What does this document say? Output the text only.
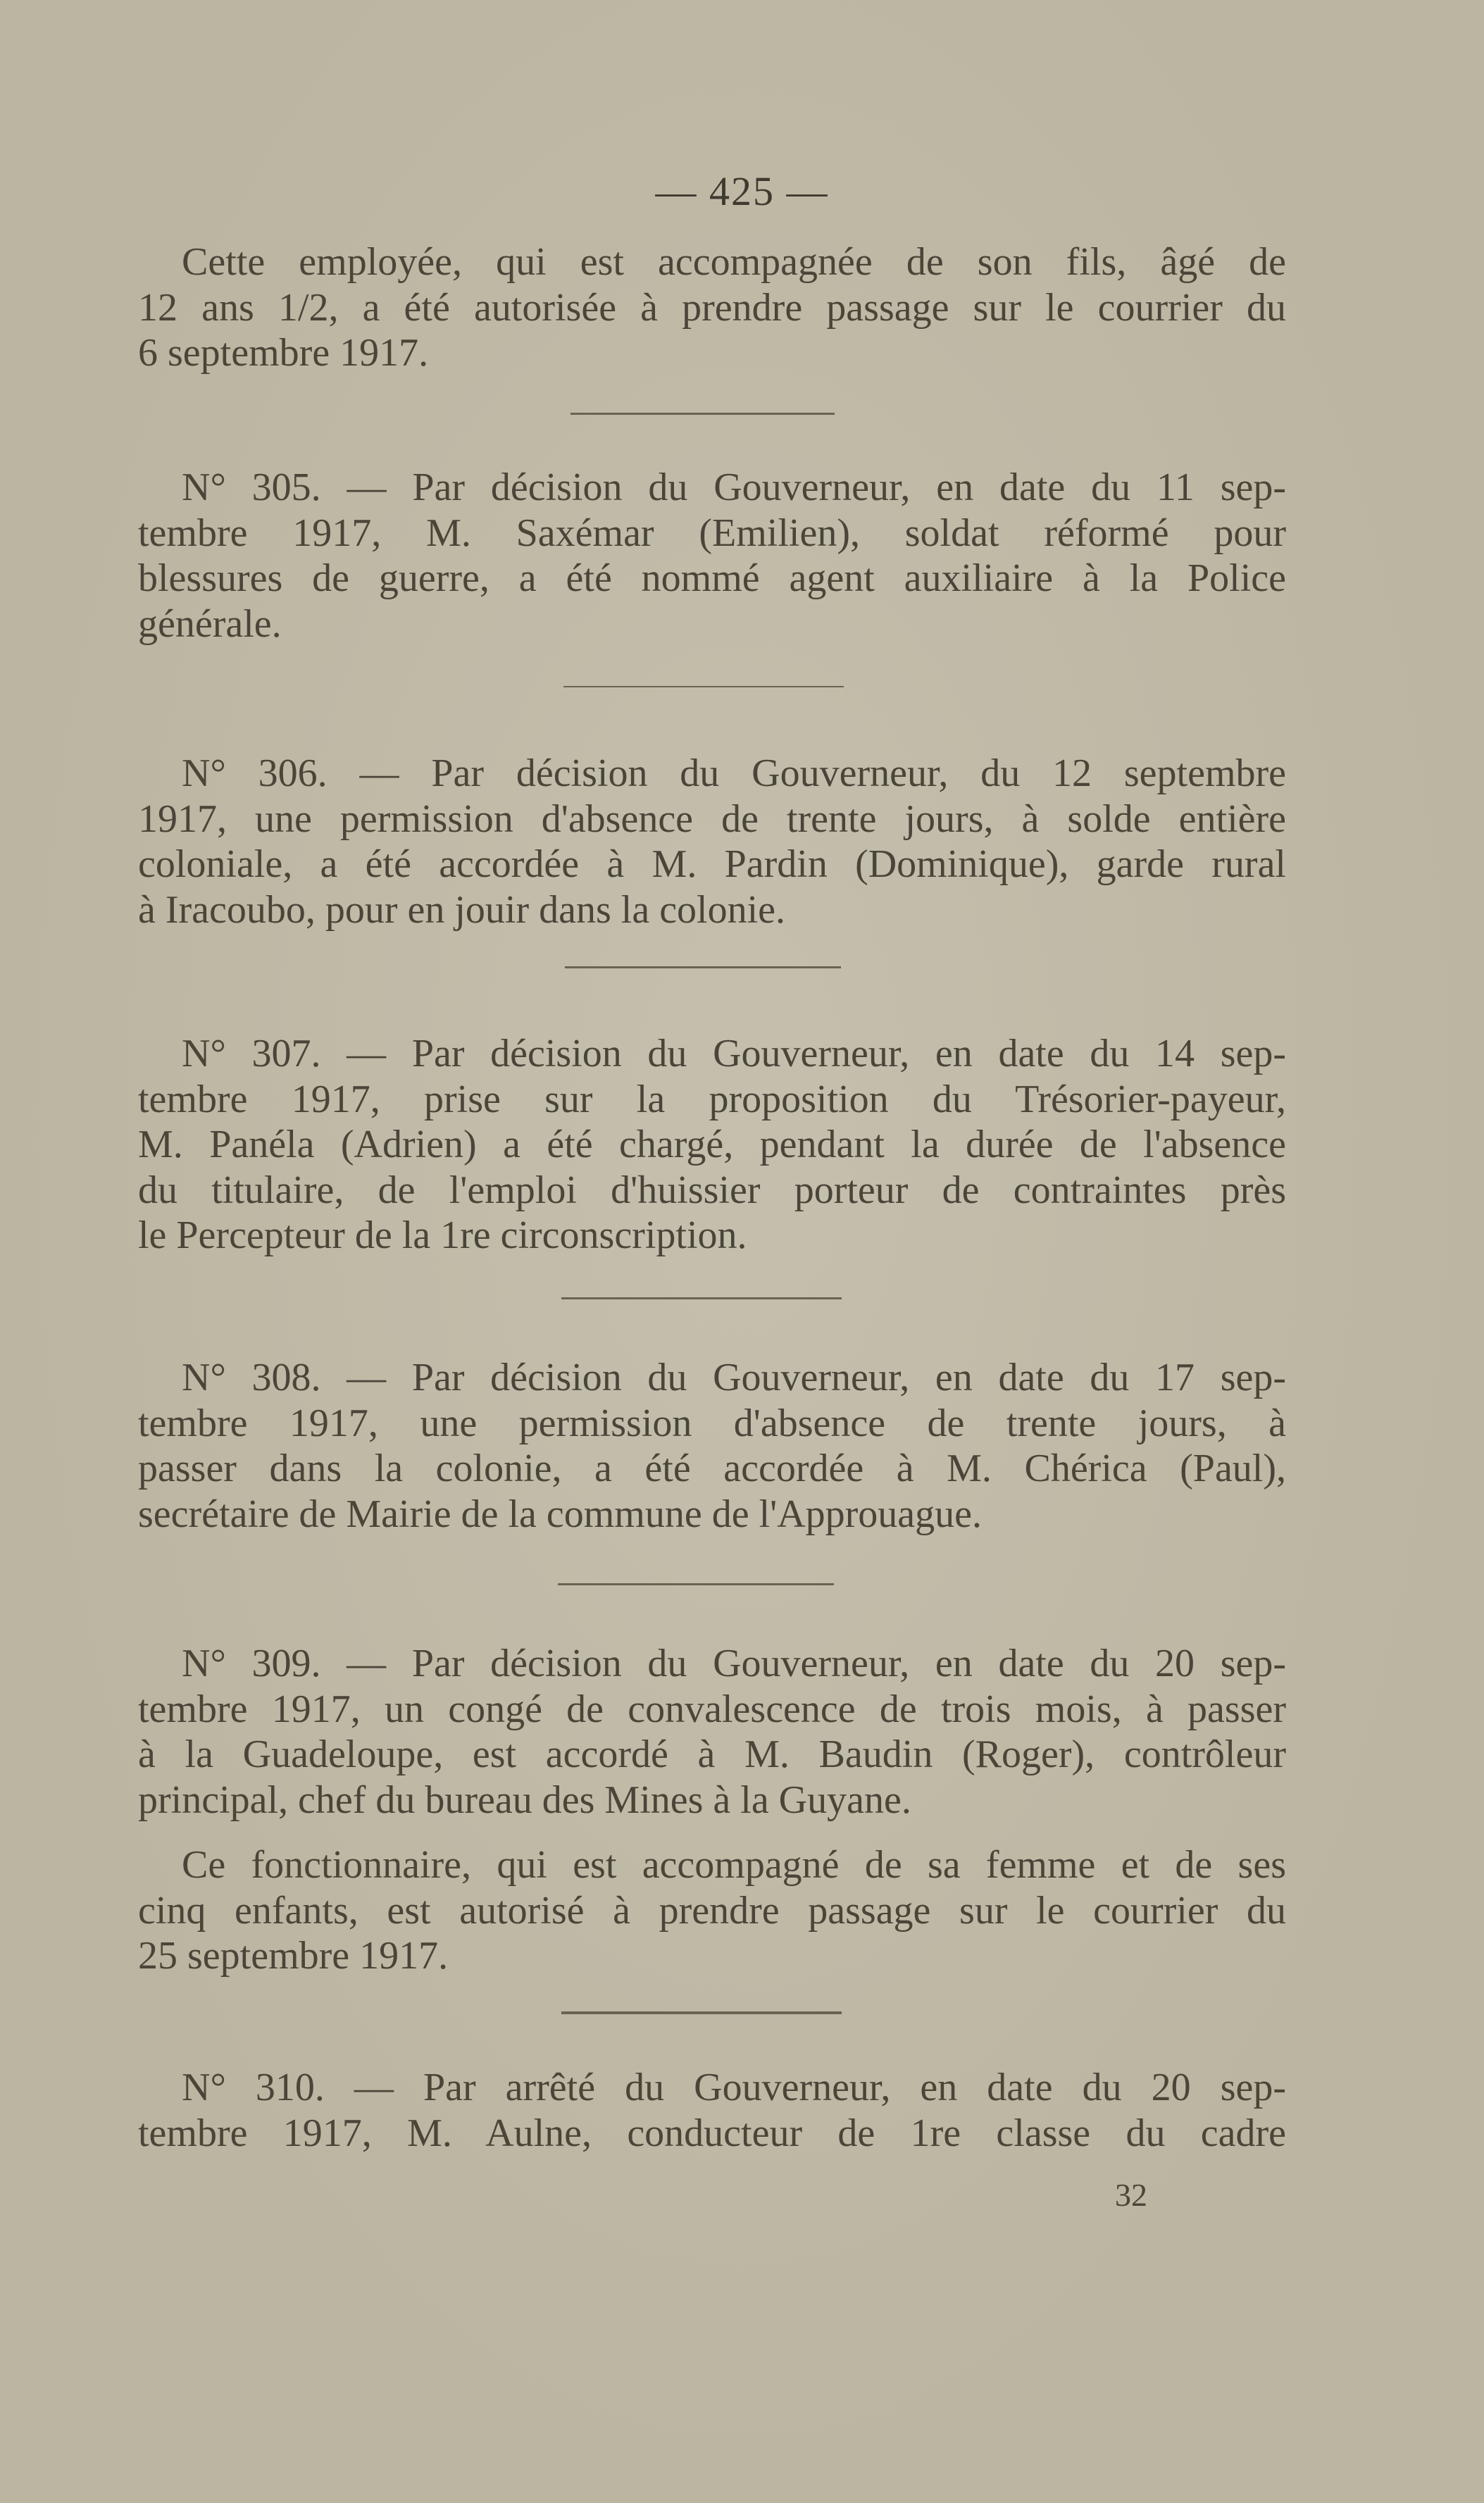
— 425 —
Cette employée, qui est accompagnée de son fils, âgé de
12 ans 1/2, a été autorisée à prendre passage sur le courrier du
6 septembre 1917.
N° 305. — Par décision du Gouverneur, en date du 11 sep-
tembre 1917, M. Saxémar (Emilien), soldat réformé pour
blessures de guerre, a été nommé agent auxiliaire à la Police
générale.
N° 306. — Par décision du Gouverneur, du 12 septembre
1917, une permission d'absence de trente jours, à solde entière
coloniale, a été accordée à M. Pardin (Dominique), garde rural
à Iracoubo, pour en jouir dans la colonie.
N° 307. — Par décision du Gouverneur, en date du 14 sep-
tembre 1917, prise sur la proposition du Trésorier-payeur,
M. Panéla (Adrien) a été chargé, pendant la durée de l'absence
du titulaire, de l'emploi d'huissier porteur de contraintes près
le Percepteur de la 1re circonscription.
N° 308. — Par décision du Gouverneur, en date du 17 sep-
tembre 1917, une permission d'absence de trente jours, à
passer dans la colonie, a été accordée à M. Chérica (Paul),
secrétaire de Mairie de la commune de l'Approuague.
N° 309. — Par décision du Gouverneur, en date du 20 sep-
tembre 1917, un congé de convalescence de trois mois, à passer
à la Guadeloupe, est accordé à M. Baudin (Roger), contrôleur
principal, chef du bureau des Mines à la Guyane.
Ce fonctionnaire, qui est accompagné de sa femme et de ses
cinq enfants, est autorisé à prendre passage sur le courrier du
25 septembre 1917.
N° 310. — Par arrêté du Gouverneur, en date du 20 sep-
tembre 1917, M. Aulne, conducteur de 1re classe du cadre
32
